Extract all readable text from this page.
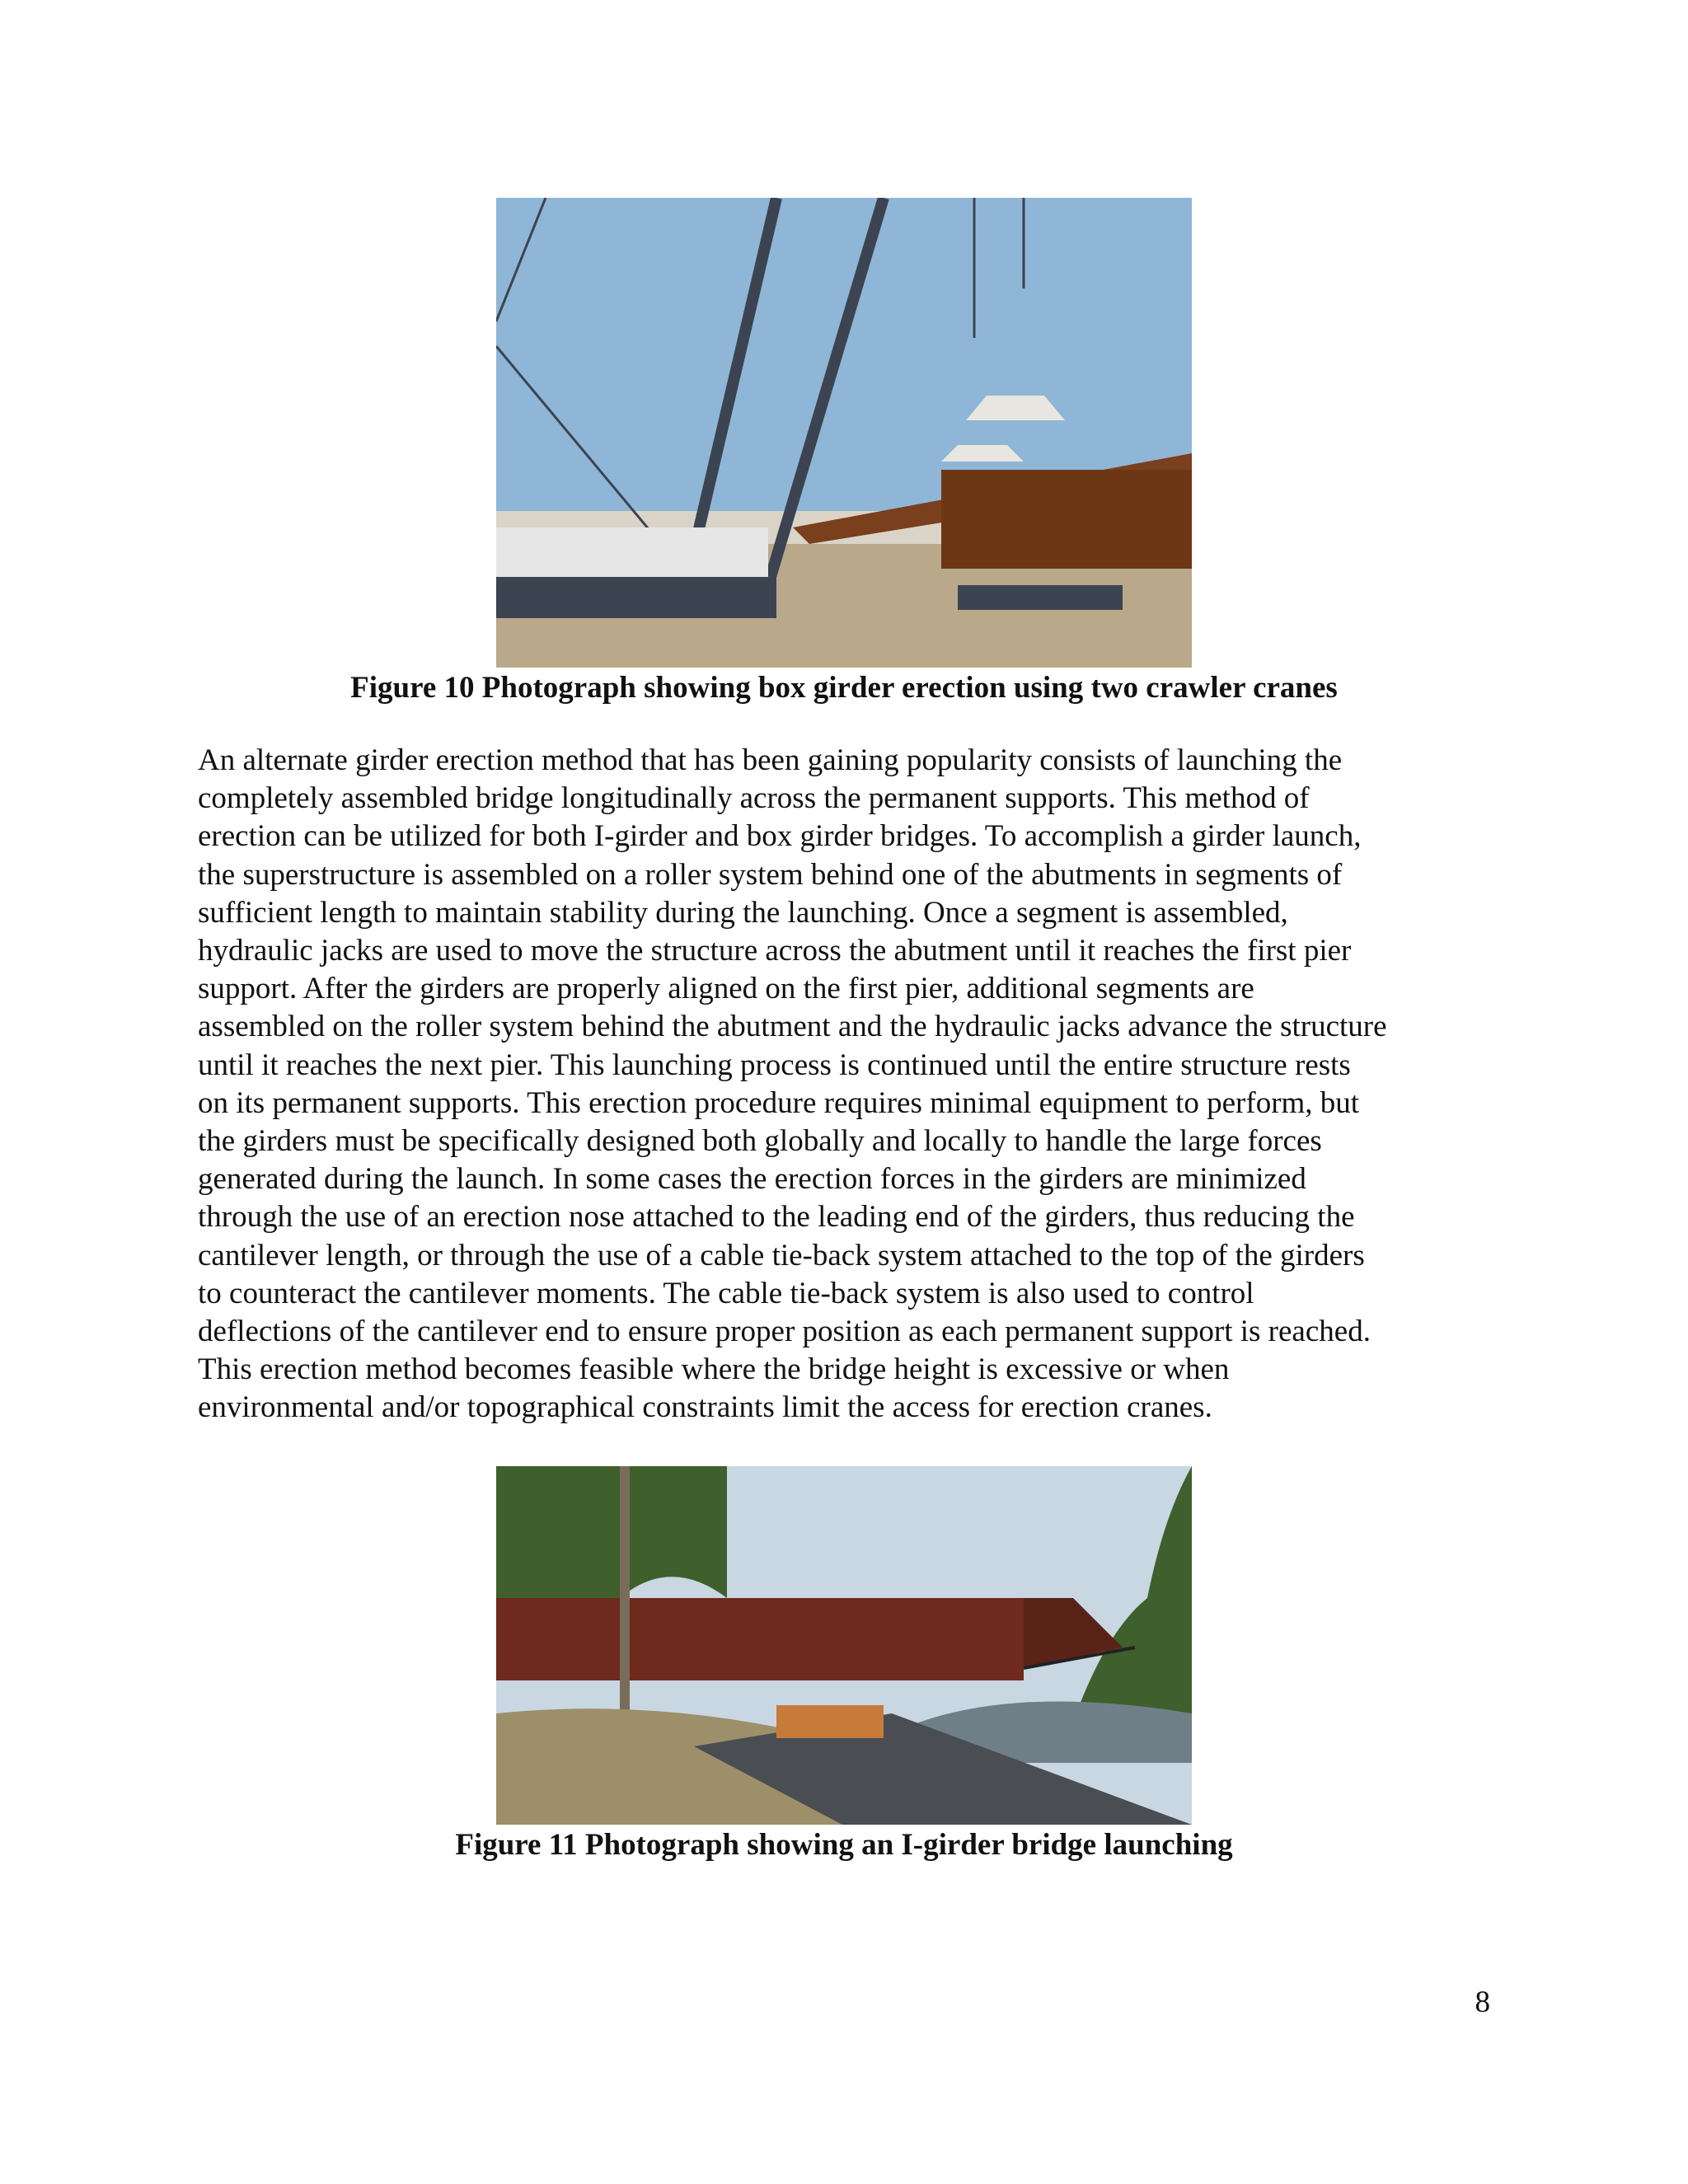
Figure 10 Photograph showing box girder erection using two crawler cranes

An alternate girder erection method that has been gaining popularity consists of launching the
completely assembled bridge longitudinally across the permanent supports. This method of
erection can be utilized for both I-girder and box girder bridges. To accomplish a girder launch,
the superstructure is assembled on a roller system behind one of the abutments in segments of
sufficient length to maintain stability during the launching. Once a segment is assembled,
hydraulic jacks are used to move the structure across the abutment until it reaches the first pier
support. After the girders are properly aligned on the first pier, additional segments are
assembled on the roller system behind the abutment and the hydraulic jacks advance the structure
until it reaches the next pier. This launching process is continued until the entire structure rests
on its permanent supports. This erection procedure requires minimal equipment to perform, but
the girders must be specifically designed both globally and locally to handle the large forces
generated during the launch. In some cases the erection forces in the girders are minimized
through the use of an erection nose attached to the leading end of the girders, thus reducing the
cantilever length, or through the use of a cable tie-back system attached to the top of the girders
to counteract the cantilever moments. The cable tie-back system is also used to control
deflections of the cantilever end to ensure proper position as each permanent support is reached.
This erection method becomes feasible where the bridge height is excessive or when
environmental and/or topographical constraints limit the access for erection cranes.

Figure 11 Photograph showing an I-girder bridge launching

8
